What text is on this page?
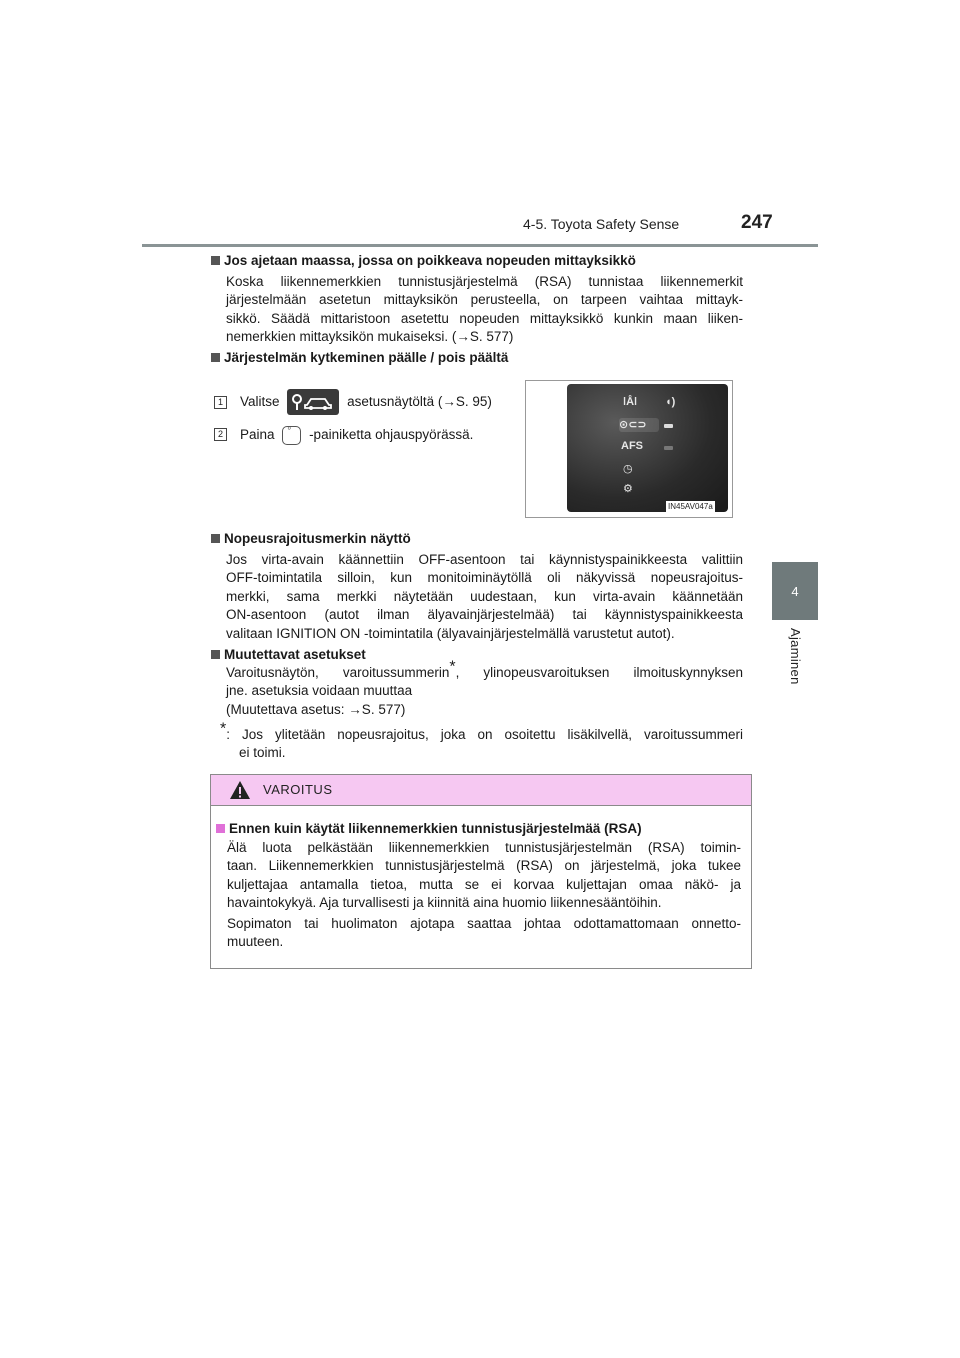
4-5. Toyota Safety Sense	247
4
Ajaminen
Jos ajetaan maassa, jossa on poikkeava nopeuden mittayksikkö
Koska liikennemerkkien tunnistusjärjestelmä (RSA) tunnistaa liikennemerkit
järjestelmään asetetun mittayksikön perusteella, on tarpeen vaihtaa mittayk-
sikkö. Säädä mittaristoon asetettu nopeuden mittayksikkö kunkin maan liiken-
nemerkkien mittayksikön mukaiseksi. (→S. 577)
Järjestelmän kytkeminen päälle / pois päältä
1 Valitse	asetusnäytöltä (→S. 95)
2 Paina °	-painiketta ohjauspyörässä.
ǀÅǀ	◖)
⊙⊂⊃
AFS
◷
⚙
IN45AV047a
Nopeusrajoitusmerkin näyttö
Jos virta-avain käännettiin OFF-asentoon tai käynnistyspainikkeesta valittiin
OFF-toimintatila silloin, kun monitoiminäytöllä oli näkyvissä nopeusrajoitus-
merkki, sama merkki näytetään uudestaan, kun virta-avain käännetään
ON-asentoon (autot ilman älyavainjärjestelmää) tai käynnistyspainikkeesta
valitaan IGNITION ON -toimintatila (älyavainjärjestelmällä varustetut autot).
Muutettavat asetukset
Varoitusnäytön, varoitussummerin*, ylinopeusvaroituksen ilmoituskynnyksen
jne. asetuksia voidaan muuttaa
(Muutettava asetus: →S. 577)
*: Jos ylitetään nopeusrajoitus, joka on osoitettu lisäkilvellä, varoitussummeri
ei toimi.
VAROITUS
Ennen kuin käytät liikennemerkkien tunnistusjärjestelmää (RSA)
Älä luota pelkästään liikennemerkkien tunnistusjärjestelmän (RSA) toimin-
taan. Liikennemerkkien tunnistusjärjestelmä (RSA) on järjestelmä, joka tukee
kuljettajaa antamalla tietoa, mutta se ei korvaa kuljettajan omaa näkö- ja
havaintokykyä. Aja turvallisesti ja kiinnitä aina huomio liikennesääntöihin.
Sopimaton tai huolimaton ajotapa saattaa johtaa odottamattomaan onnetto-
muuteen.
